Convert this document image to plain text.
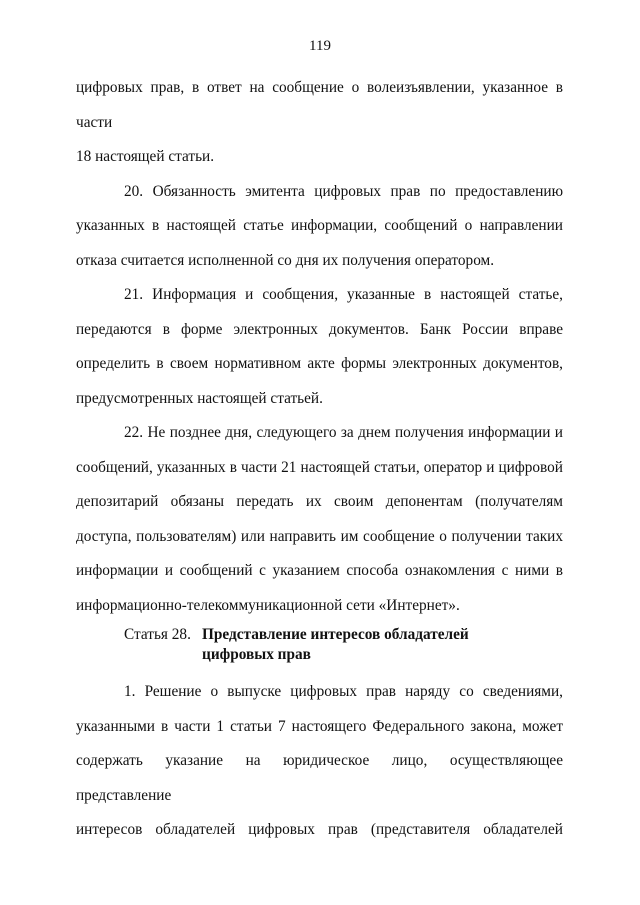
119
цифровых прав, в ответ на сообщение о волеизъявлении, указанное в части
18 настоящей статьи.
20. Обязанность эмитента цифровых прав по предоставлению
указанных в настоящей статье информации, сообщений о направлении
отказа считается исполненной со дня их получения оператором.
21. Информация и сообщения, указанные в настоящей статье,
передаются в форме электронных документов. Банк России вправе
определить в своем нормативном акте формы электронных документов,
предусмотренных настоящей статьей.
22. Не позднее дня, следующего за днем получения информации и
сообщений, указанных в части 21 настоящей статьи, оператор и цифровой
депозитарий обязаны передать их своим депонентам (получателям
доступа, пользователям) или направить им сообщение о получении таких
информации и сообщений с указанием способа ознакомления с ними в
информационно-телекоммуникационной сети «Интернет».
Статья 28. Представление интересов обладателей цифровых прав
1. Решение о выпуске цифровых прав наряду со сведениями,
указанными в части 1 статьи 7 настоящего Федерального закона, может
содержать указание на юридическое лицо, осуществляющее представление
интересов обладателей цифровых прав (представителя обладателей
